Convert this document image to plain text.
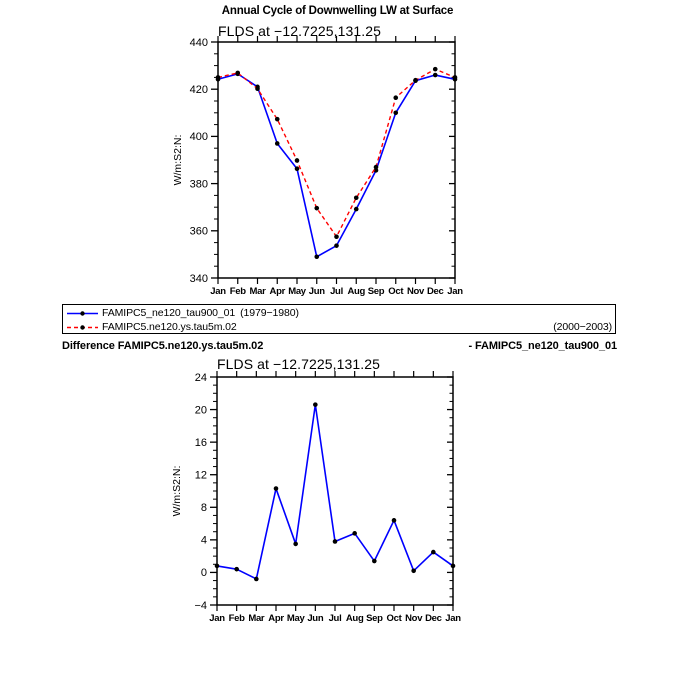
Annual Cycle of Downwelling LW at Surface
FLDS at −12.7225,131.25
340
360
380
400
420
440
Jan Feb Mar Apr May Jun Jul Aug Sep Oct Nov Dec Jan
W/m:S2:N:
FAMIPC5_ne120_tau900_01 (1979−1980)
FAMIPC5.ne120.ys.tau5m.02	(2000−2003)
Difference FAMIPC5.ne120.ys.tau5m.02	- FAMIPC5_ne120_tau900_01
FLDS at −12.7225,131.25
−4
0
4
8
12
16
20
24
Jan Feb Mar Apr May Jun Jul Aug Sep Oct Nov Dec Jan
W/m:S2:N:
